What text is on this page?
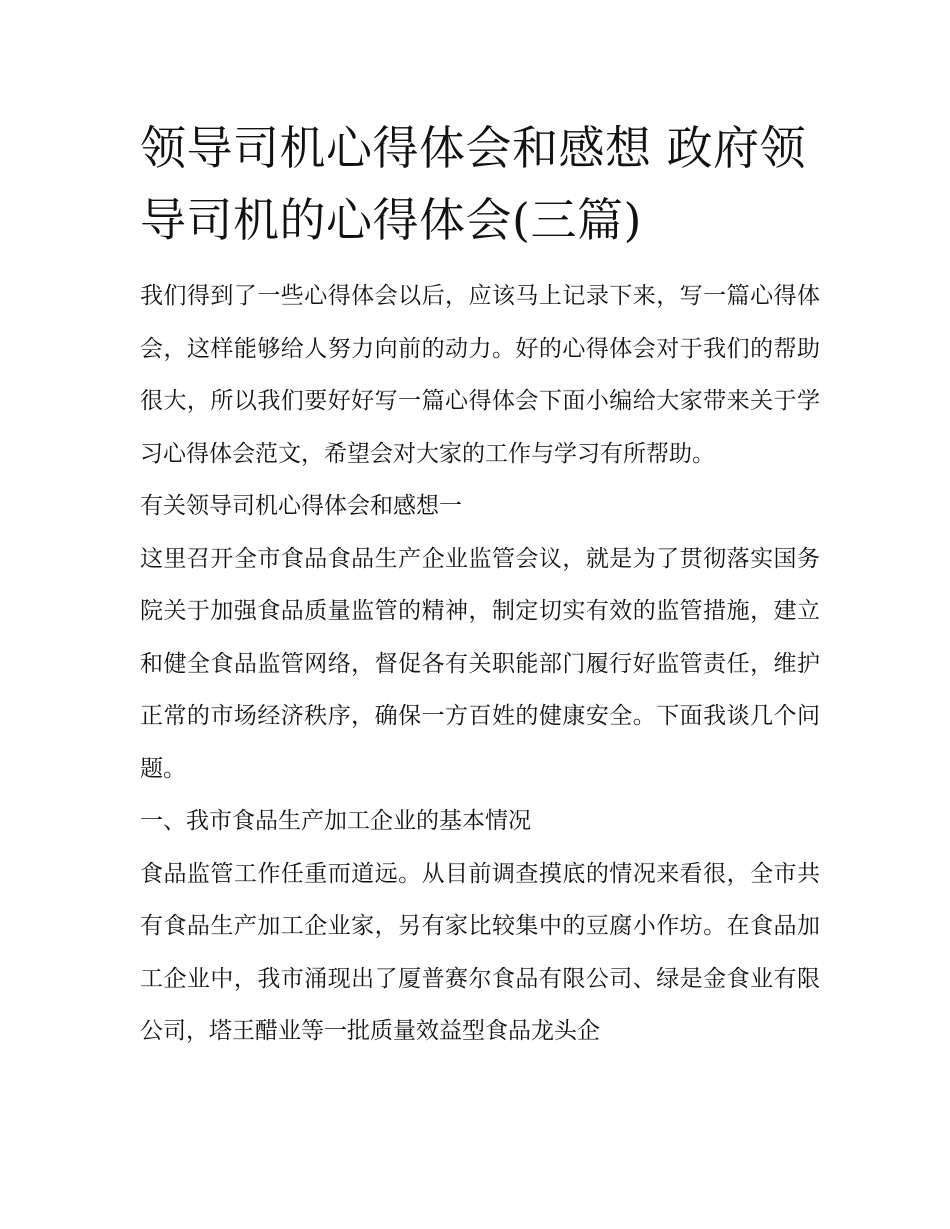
领导司机心得体会和感想 政府领导司机的心得体会(三篇)

我们得到了一些心得体会以后，应该马上记录下来，写一篇心得体会，这样能够给人努力向前的动力。好的心得体会对于我们的帮助很大，所以我们要好好写一篇心得体会下面小编给大家带来关于学习心得体会范文，希望会对大家的工作与学习有所帮助。

有关领导司机心得体会和感想一

这里召开全市食品食品生产企业监管会议，就是为了贯彻落实国务院关于加强食品质量监管的精神，制定切实有效的监管措施，建立和健全食品监管网络，督促各有关职能部门履行好监管责任，维护正常的市场经济秩序，确保一方百姓的健康安全。下面我谈几个问题。

一、我市食品生产加工企业的基本情况

食品监管工作任重而道远。从目前调查摸底的情况来看很，全市共有食品生产加工企业家，另有家比较集中的豆腐小作坊。在食品加工企业中，我市涌现出了厦普赛尔食品有限公司、绿是金食业有限公司，塔王醋业等一批质量效益型食品龙头企
